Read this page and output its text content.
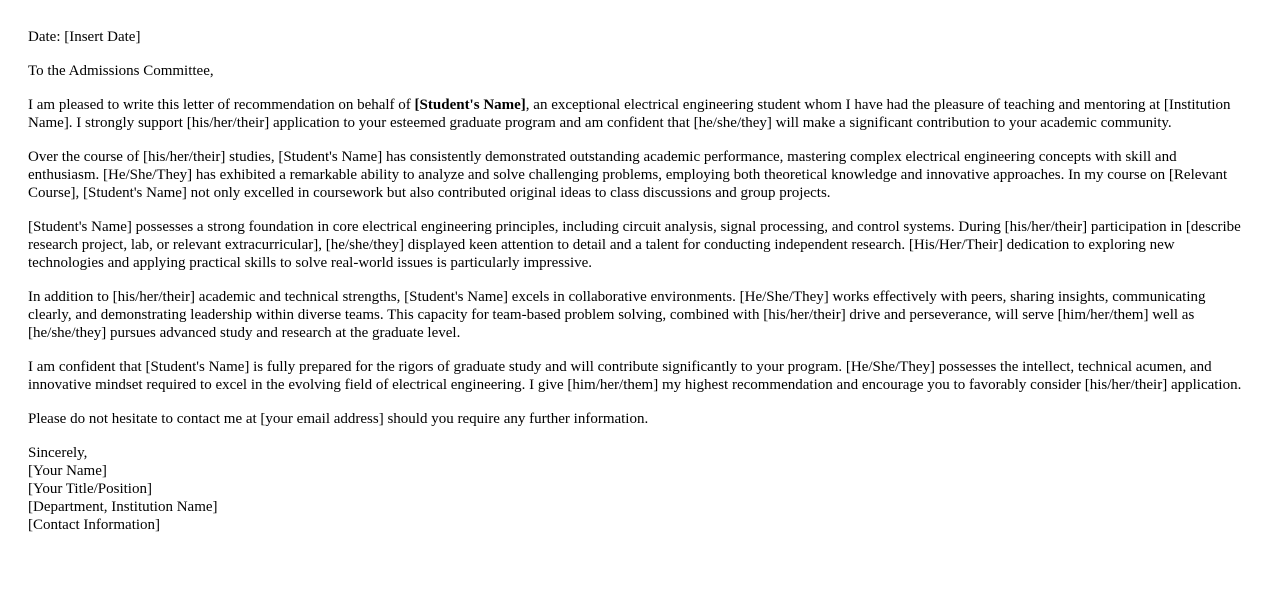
Date: [Insert Date]

To the Admissions Committee,

I am pleased to write this letter of recommendation on behalf of [Student's Name], an exceptional electrical engineering student whom I have had the pleasure of teaching and mentoring at [Institution Name]. I strongly support [his/her/their] application to your esteemed graduate program and am confident that [he/she/they] will make a significant contribution to your academic community.

Over the course of [his/her/their] studies, [Student's Name] has consistently demonstrated outstanding academic performance, mastering complex electrical engineering concepts with skill and enthusiasm. [He/She/They] has exhibited a remarkable ability to analyze and solve challenging problems, employing both theoretical knowledge and innovative approaches. In my course on [Relevant Course], [Student's Name] not only excelled in coursework but also contributed original ideas to class discussions and group projects.

[Student's Name] possesses a strong foundation in core electrical engineering principles, including circuit analysis, signal processing, and control systems. During [his/her/their] participation in [describe research project, lab, or relevant extracurricular], [he/she/they] displayed keen attention to detail and a talent for conducting independent research. [His/Her/Their] dedication to exploring new technologies and applying practical skills to solve real-world issues is particularly impressive.

In addition to [his/her/their] academic and technical strengths, [Student's Name] excels in collaborative environments. [He/She/They] works effectively with peers, sharing insights, communicating clearly, and demonstrating leadership within diverse teams. This capacity for team-based problem solving, combined with [his/her/their] drive and perseverance, will serve [him/her/them] well as [he/she/they] pursues advanced study and research at the graduate level.

I am confident that [Student's Name] is fully prepared for the rigors of graduate study and will contribute significantly to your program. [He/She/They] possesses the intellect, technical acumen, and innovative mindset required to excel in the evolving field of electrical engineering. I give [him/her/them] my highest recommendation and encourage you to favorably consider [his/her/their] application.

Please do not hesitate to contact me at [your email address] should you require any further information.

Sincerely,
[Your Name]
[Your Title/Position]
[Department, Institution Name]
[Contact Information]
